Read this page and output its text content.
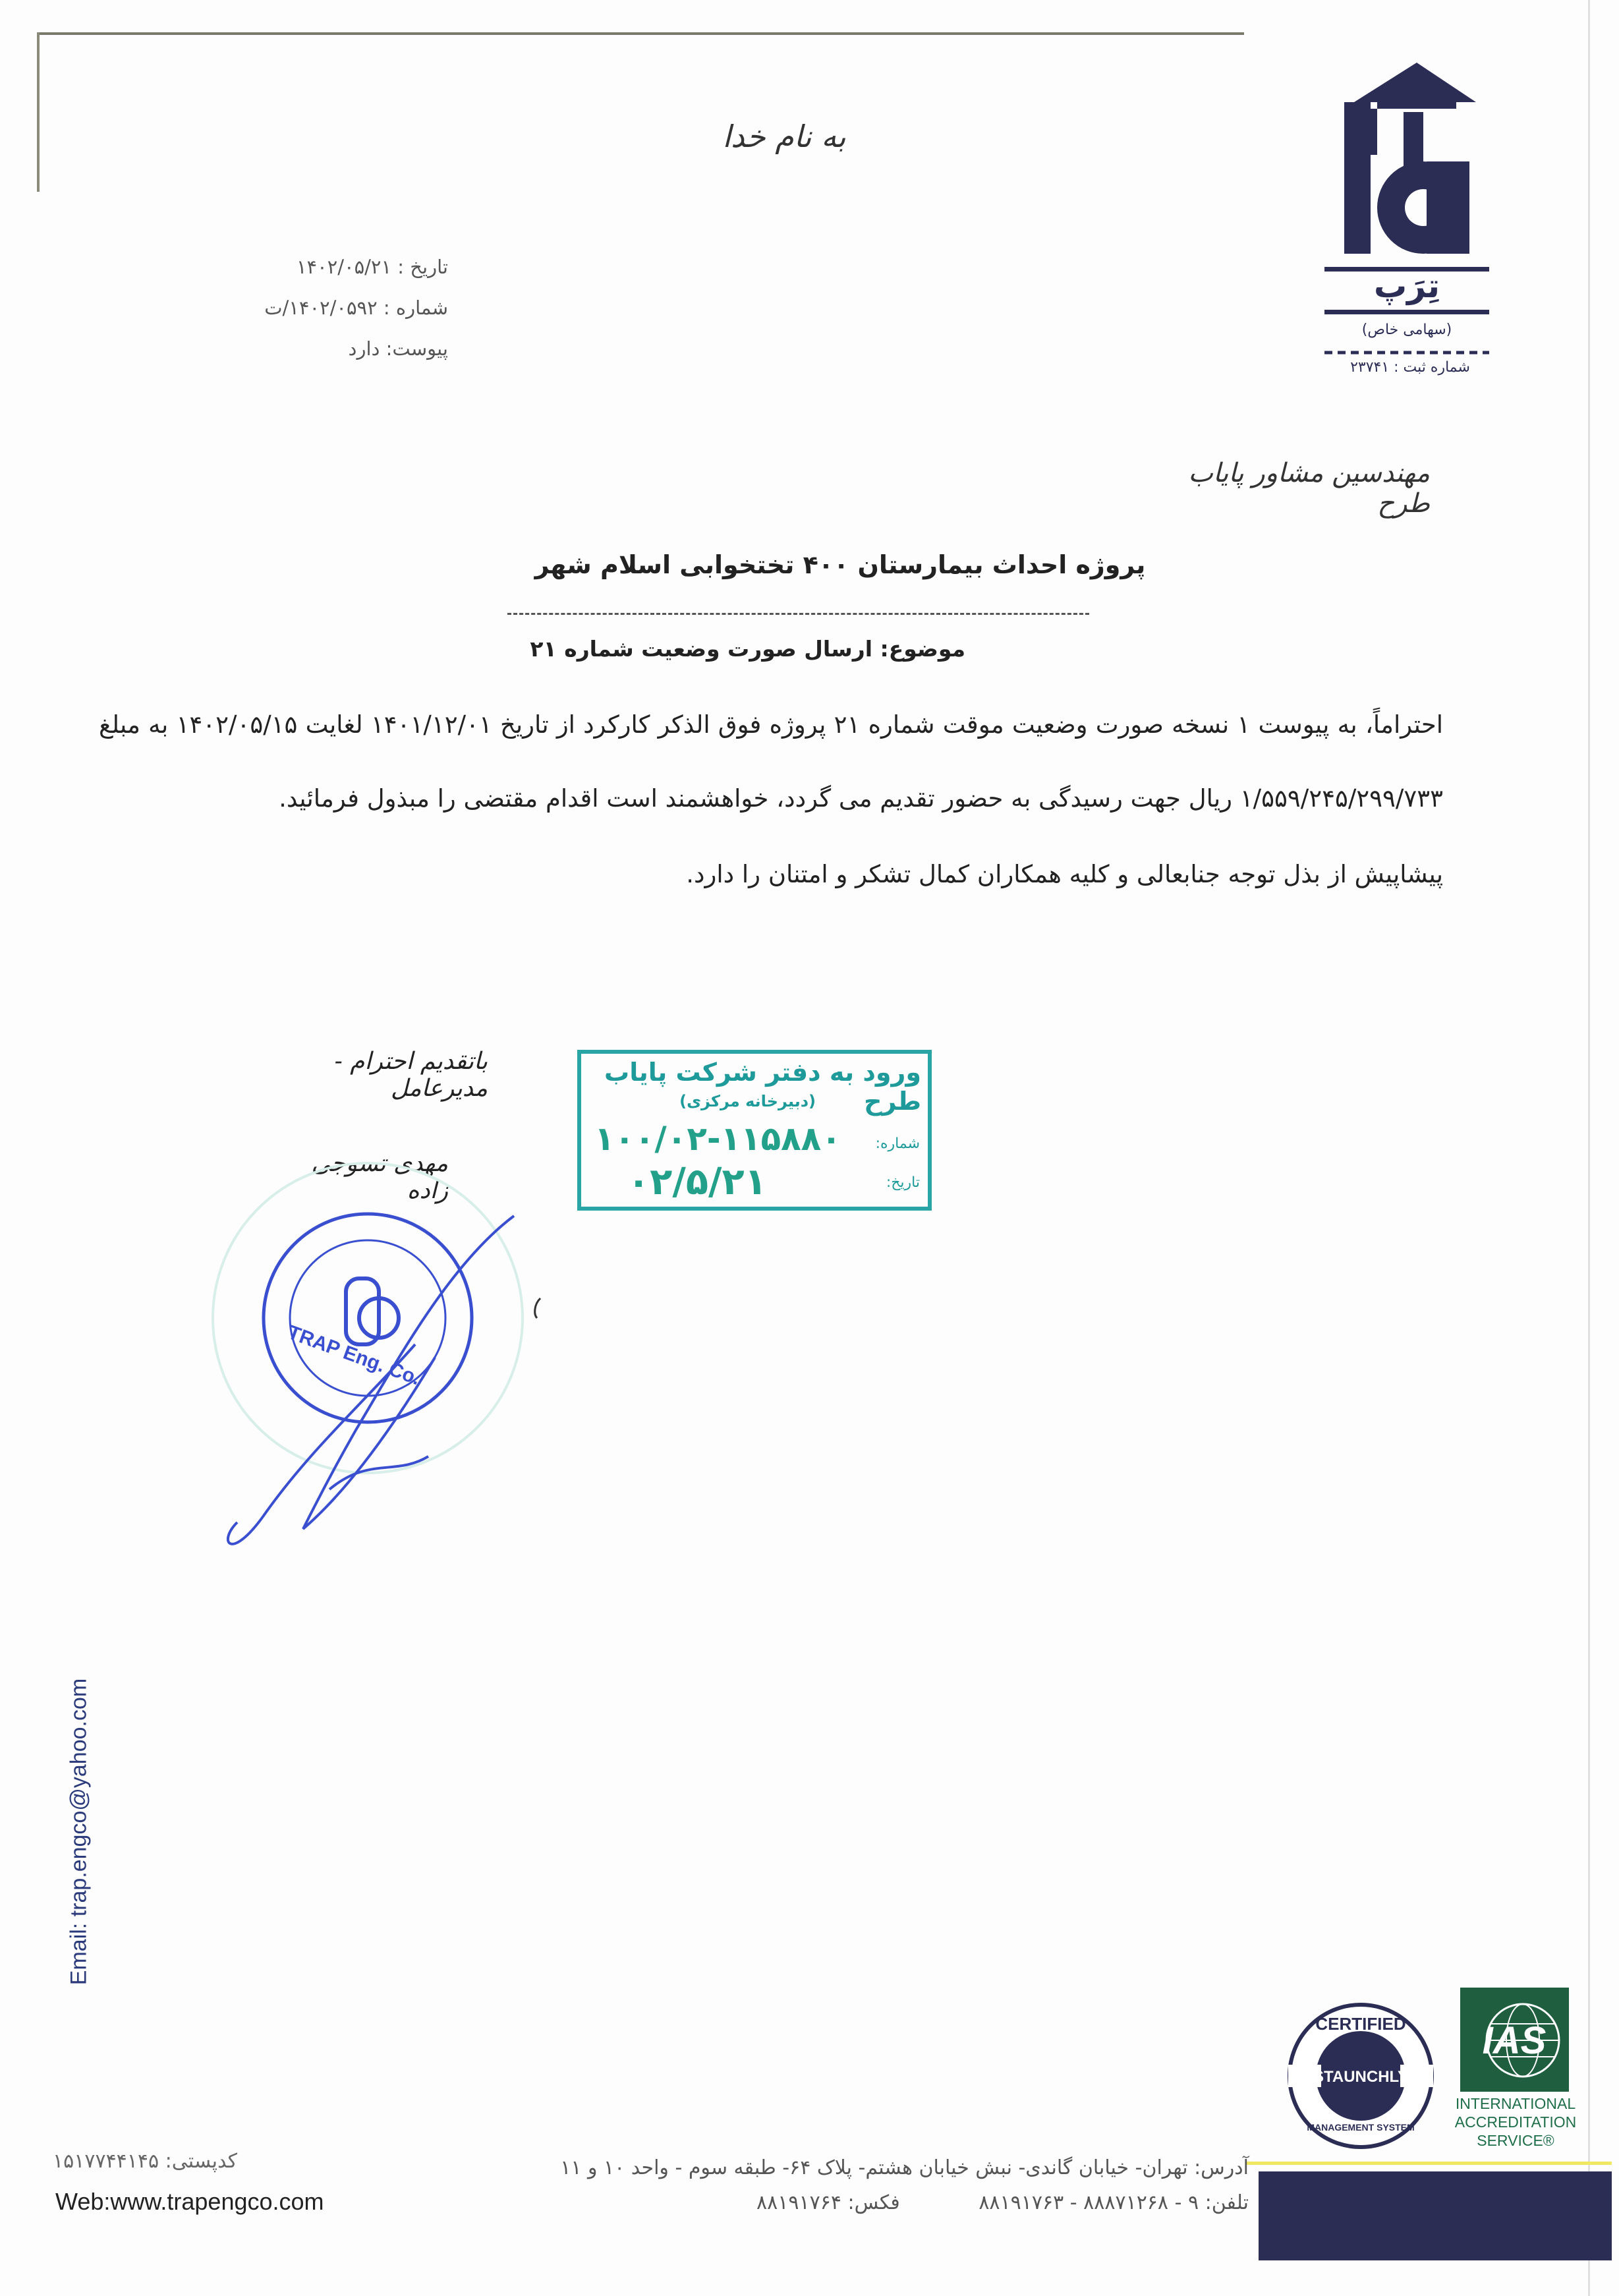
به نام خدا
تاریخ : ۱۴۰۲/۰۵/۲۱
شماره : ۱۴۰۲/۰۵۹۲/ت
پیوست: دارد
تِرَپ
(سهامی خاص)
شماره ثبت : ۲۳۷۴۱
مهندسین مشاور پایاب طرح
پروژه احداث بیمارستان ۴۰۰ تختخوابی اسلام شهر
موضوع: ارسال صورت وضعیت شماره ۲۱
احتراماً، به پیوست ۱ نسخه صورت وضعیت موقت شماره ۲۱ پروژه فوق الذکر کارکرد از تاریخ ۱۴۰۱/۱۲/۰۱ لغایت ۱۴۰۲/۰۵/۱۵ به مبلغ
۱/۵۵۹/۲۴۵/۲۹۹/۷۳۳ ریال جهت رسیدگی به حضور تقدیم می گردد، خواهشمند است اقدام مقتضی را مبذول فرمائید.
پیشاپیش از بذل توجه جنابعالی و کلیه همکاران کمال تشکر و امتنان را دارد.
باتقدیم احترام - مدیرعامل
مهدی تسوجی زاده
ورود به دفتر شرکت پایاب طرح
(دبیرخانه مرکزی)
شماره:
تاریخ:
۱۰۰/۰۲-۱۱۵۸۸۰
۰۲/۵/۲۱
TRAP Eng. Co.
Email: trap.engco@yahoo.com
STAUNCHLY
CERTIFIED
MANAGEMENT SYSTEM
IAS
INTERNATIONAL
ACCREDITATION
SERVICE®
آدرس: تهران- خیابان گاندی- نبش خیابان هشتم- پلاک ۶۴- طبقه سوم - واحد ۱۰ و ۱۱
تلفن: ۹ - ۸۸۸۷۱۲۶۸ - ۸۸۱۹۱۷۶۳ فکس: ۸۸۱۹۱۷۶۴
کدپستی: ۱۵۱۷۷۴۴۱۴۵
Web:www.trapengco.com
